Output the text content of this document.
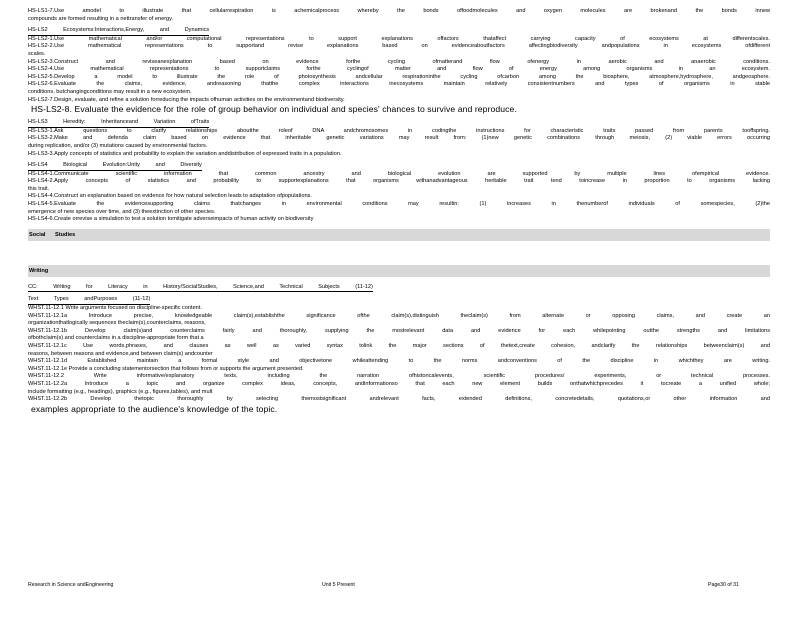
HS-LS1-7.Use amodel to illustrate that cellularrespiration is achemicalprocess whereby the bonds offoodmolecules and oxygen molecules are brokenand the bonds innew
compounds are formed resulting in a nettransfer of energy.
HS-LS2 Ecosystems:Interactions,Energy, and Dynamics
HS-LS2-1.Use mathematical and/or computational representations to support explanations offactors thataffect carrying capacity of ecosystems at differentscales.
HS-LS2-2.Use mathematical representations to supportand revise explanations based on evidenceaboutfactors affectingbiodiversity andpopulations in ecosystems ofdifferent
scales.
HS-LS2-3.Construct and reviseanexplanation based on evidence forthe cycling ofmatterand flow ofenergy in aerobic and anaerobic conditions.
HS-LS2-4.Use mathematical representations to supportclaims forthe cyclingof matter and flow of energy among organisms in an ecosystem.
HS-LS2-5.Develop a model to illustrate the role of photosynthesis andcellular respirationinthe cycling ofcarbon among the biosphere, atmosphere,hydrosphere, andgeosphere.
HS-LS2-6.Evaluate the claims, evidence, andreasoning thatthe complex interactions inecosystems maintain relatively consistentnumbers and types of organisms in stable
conditions, butchangingconditions may result in a new ecosystem.
HS-LS2-7.Design, evaluate, and refine a solution forreducing the impacts ofhuman activities on the environmentand biodiversity.
HS-LS2-8. Evaluate the evidence for the role of group behavior on individual and species' chances to survive and reproduce.
HS-LS3 Heredity: Inheritanceand Variation ofTraits
HS-LS3-1.Ask questions to clarify relationships aboutthe roleof DNA andchromosomes in codingthe instructions for characteristic traits passed from parents tooffspring.
HS-LS3-2.Make and defenda claim based on evidence that inheritable genetic variations may result from: (1)new genetic combinations through meiosis, (2) viable errors occurring
during replication, and/or (3) mutations caused by environmental factors.
HS-LS3-3.Apply concepts of statistics and probability to explain the variation anddistribution of expressed traits in a population.
HS-LS4 Biological Evolution:Unity and Diversity
HS-LS4-1.Communicate scientific information that common ancestry and biological evolution are supported by multiple lines ofempirical evidence.
HS-LS4-2.Apply concepts of statistics and probability to supportexplanations that organisms withanadvantageous heritable trait tend toincrease in proportion to organisms lacking
this trait.
HS-LS4-4.Construct an explanation based on evidence for how natural selection leads to adaptation ofpopulations.
HS-LS4-5.Evaluate the evidencesupporting claims thatchanges in environmental conditions may resultin: (1) increases in thenumberof individuals of somespecies, (2)the
emergence of new species over time, and (3) theextinction of other species.
HS-LS4-6.Create orrevise a simulation to test a solution tomitigate adverseimpacts of human activity on biodiversity
Social Studies
Writing
CC: Writing for Literacy in History/SocialStudies, Science,and Technical Subjects (11-12)
Text Types andPurposes (11-12)
WHST.11-12.1 Write arguments focused on discipline-specific content.
WHST.11-12.1a Introduce precise, knowledgeable claim(s),establishthe significance ofthe claim(s),distinguish theclaim(s) from alternate or opposing claims, and create an
organizationthatlogically sequences theclaim(s),counterclaims, reasons,
WHST.11-12.1b Develop claim(s)and counterclaims fairly and thoroughly, supplying the mostrelevant data and evidence for each whilepointing outthe strengths and limitations
ofbothclaim(s) and counterclaims in a discipline-appropriate form that a
WHST.11-12.1c Use words,phrases, and clauses as well as varied syntax tolink the major sections of thetext,create cohesion, andclarify the relationships betweenclaim(s) and
reasons, between reasons and evidence,and between claim(s) andcounter
WHST.11-12.1d Established maintain a formal style and objectivetone whileattending to the norms andconventions of the discipline in whichthey are writing.
WHST.11-12.1e Provide a concluding statementorsection that follows from or supports the argument presented.
WHST.11-12.2 Write informative/explanatory texts, including the narration ofhistoricalevents, scientific procedures/ experiments, or technical processes.
WHST.11-12.2a Introduce a topic and organize complex ideas, concepts, andinformationso that each new element builds onthatwhichprecedes it tocreate a unified whole;
include formatting (e.g., headings), graphics (e.g., figures,tables), and mult
WHST.11-12.2b Develop thetopic thoroughly by selecting themostsignificant andrelevant facts, extended definitions, concretedetails, quotations,or other information and
examples appropriate to the audience's knowledge of the topic.
Research in Science andEngineering	Unit 5 Present	Page30 of 31
